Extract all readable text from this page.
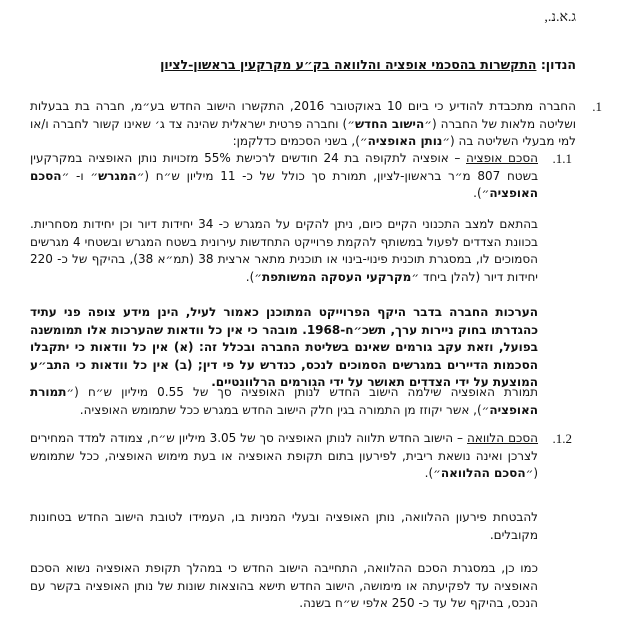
ג.א.נ.,
הנדון: התקשרות בהסכמי אופציה והלוואה בק״ע מקרקעין בראשון-לציון
1.

החברה מתכבדת להודיע כי ביום 10 באוקטובר 2016, התקשרו הישוב החדש בע״מ, חברה בת בבעלות ושליטה מלאות של החברה (״הישוב החדש״) וחברה פרטית ישראלית שהינה צד ג׳ שאינו קשור לחברה ו/או למי מבעלי השליטה בה (״נותן האופציה״), בשני הסכמים כדלקמן:

1.1.

הסכם אופציה – אופציה לתקופה בת 24 חודשים לרכישת 55% מזכויות נותן האופציה במקרקעין בשטח 807 מ״ר בראשון-לציון, תמורת סך כולל של כ- 11 מיליון ש״ח (״המגרש״ ו- ״הסכם האופציה״).

בהתאם למצב התכנוני הקיים כיום, ניתן להקים על המגרש כ- 34 יחידות דיור וכן יחידות מסחריות. בכוונת הצדדים לפעול במשותף להקמת פרוייקט התחדשות עירונית בשטח המגרש ובשטחי 4 מגרשים הסמוכים לו, במסגרת תוכנית פינוי-בינוי או תוכנית מתאר ארצית 38 (תמ״א 38), בהיקף של כ- 220 יחידות דיור (להלן ביחד ״מקרקעי העסקה המשותפת״).

הערכות החברה בדבר היקף הפרוייקט המתוכנן כאמור לעיל, הינן מידע צופה פני עתיד כהגדרתו בחוק ניירות ערך, תשכ״ח-1968. מובהר כי אין כל וודאות שהערכות אלו תמומשנה בפועל, וזאת עקב גורמים שאינם בשליטת החברה ובכלל זה: (א) אין כל וודאות כי יתקבלו הסכמות הדיירים במגרשים הסמוכים לנכס, כנדרש על פי דין; (ב) אין כל וודאות כי התב״ע המוצעת על ידי הצדדים תאושר על ידי הגורמים הרלוונטיים.

תמורת האופציה שילמה הישוב החדש לנותן האופציה סך של 0.55 מיליון ש״ח (״תמורת האופציה״), אשר יקוזז מן התמורה בגין חלק הישוב החדש במגרש ככל שתמומש האופציה.

1.2.

הסכם הלוואה – הישוב החדש תלווה לנותן האופציה סך של 3.05 מיליון ש״ח, צמודה למדד המחירים לצרכן ואינה נושאת ריבית, לפירעון בתום תקופת האופציה או בעת מימוש האופציה, ככל שתמומש (״הסכם ההלוואה״).

להבטחת פירעון ההלוואה, נותן האופציה ובעלי המניות בו, העמידו לטובת הישוב החדש בטחונות מקובלים.

כמו כן, במסגרת הסכם ההלוואה, התחייבה הישוב החדש כי במהלך תקופת האופציה נשוא הסכם האופציה עד לפקיעתה או מימושה, הישוב החדש תישא בהוצאות שונות של נותן האופציה בקשר עם הנכס, בהיקף של עד כ- 250 אלפי ש״ח בשנה.
